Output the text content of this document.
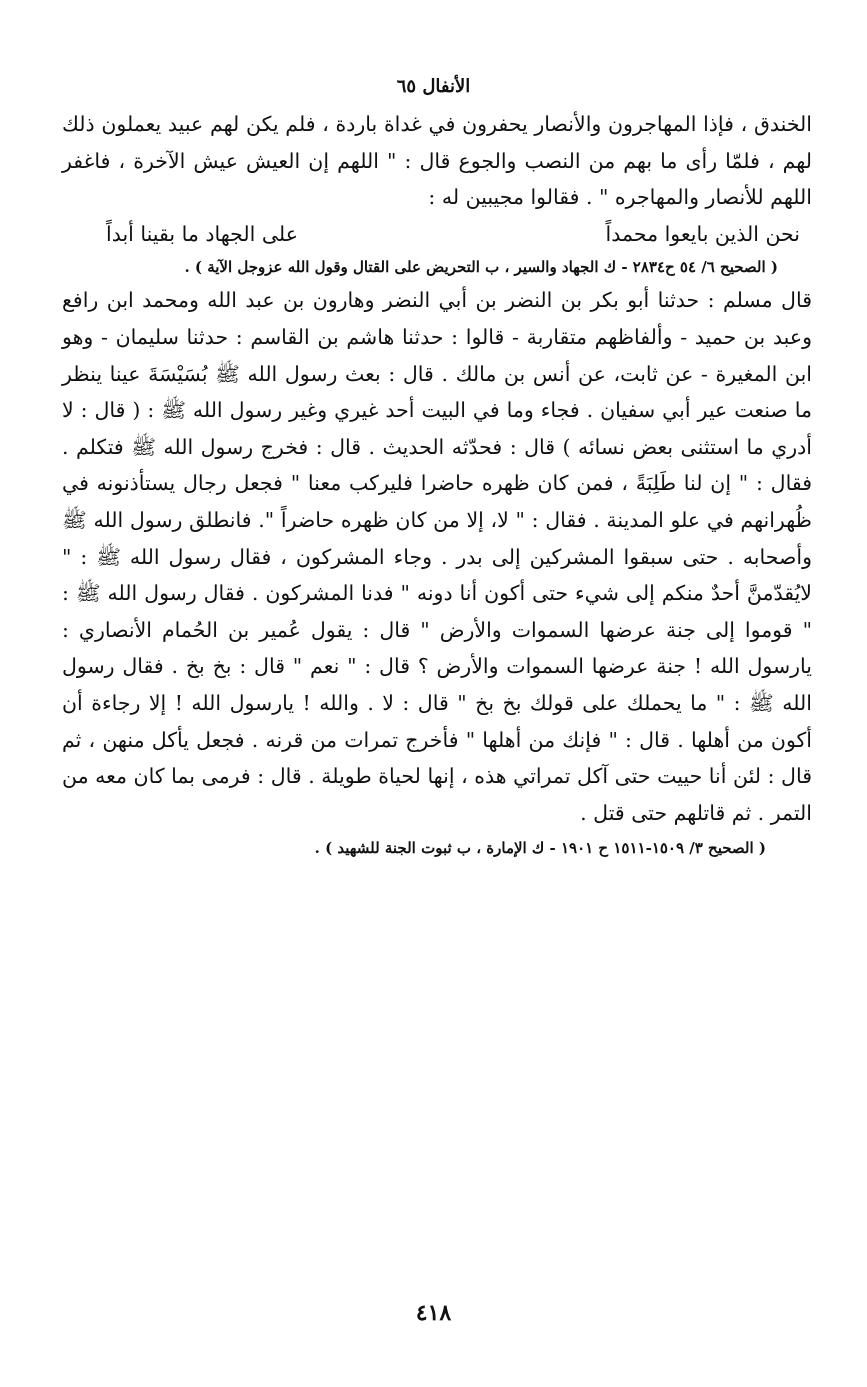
الأنفال ٦٥

الخندق ، فإذا المهاجرون والأنصار يحفرون في غداة باردة ، فلم يكن لهم عبيد يعملون ذلك لهم ، فلمّا رأى ما بهم من النصب والجوع قال : " اللهم إن العيش عيش الآخرة ، فاغفر اللهم للأنصار والمهاجره " . فقالوا مجيبين له :

نحن الذين بايعوا محمداً
على الجهاد ما بقينا أبداً
( الصحيح ٦/ ٥٤ ح٢٨٣٤ - ك الجهاد والسير ، ب التحريض على القتال وقول الله عزوجل الآية ) .

قال مسلم : حدثنا أبو بكر بن النضر بن أبي النضر وهارون بن عبد الله ومحمد ابن رافع وعبد بن حميد - وألفاظهم متقاربة - قالوا : حدثنا هاشم بن القاسم : حدثنا سليمان - وهو ابن المغيرة - عن ثابت، عن أنس بن مالك . قال : بعث رسول الله ﷺ بُسَيْسَةَ عينا ينظر ما صنعت عير أبي سفيان . فجاء وما في البيت أحد غيري وغير رسول الله ﷺ : ( قال : لا أدري ما استثنى بعض نسائه ) قال : فحدّثه الحديث . قال : فخرج رسول الله ﷺ فتكلم . فقال : " إن لنا طَلِبَةً ، فمن كان ظهره حاضرا فليركب معنا " فجعل رجال يستأذنونه في ظُهرانهم في علو المدينة . فقال : " لا، إلا من كان ظهره حاضراً ". فانطلق رسول الله ﷺ وأصحابه . حتى سبقوا المشركين إلى بدر . وجاء المشركون ، فقال رسول الله ﷺ : " لايُقدّمنَّ أحدٌ منكم إلى شيء حتى أكون أنا دونه " فدنا المشركون . فقال رسول الله ﷺ : " قوموا إلى جنة عرضها السموات والأرض " قال : يقول عُمير بن الحُمام الأنصاري : يارسول الله ! جنة عرضها السموات والأرض ؟ قال : " نعم " قال : بخ بخ . فقال رسول الله ﷺ : " ما يحملك على قولك بخ بخ " قال : لا . والله ! يارسول الله ! إلا رجاءة أن أكون من أهلها . قال : " فإنك من أهلها " فأخرج تمرات من قرنه . فجعل يأكل منهن ، ثم قال : لئن أنا حييت حتى آكل تمراتي هذه ، إنها لحياة طويلة . قال : فرمى بما كان معه من التمر . ثم قاتلهم حتى قتل .

( الصحيح ٣/ ١٥٠٩-١٥١١ ح ١٩٠١ - ك الإمارة ، ب ثبوت الجنة للشهيد ) .
٤١٨
